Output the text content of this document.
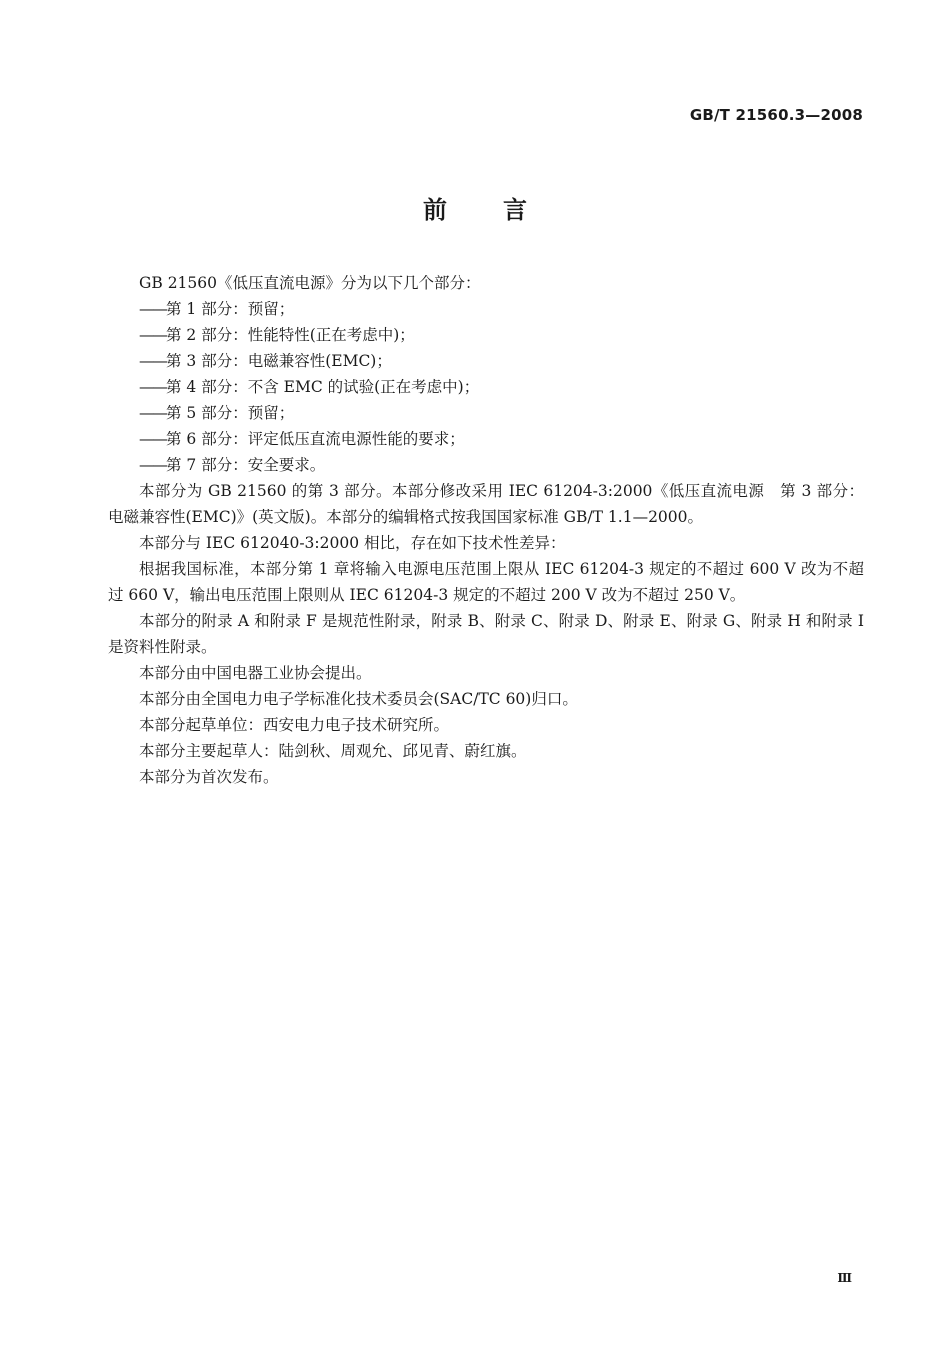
GB/T 21560.3—2008
前言

GB 21560《低压直流电源》分为以下几个部分：

——第 1 部分：预留；
——第 2 部分：性能特性(正在考虑中)；
——第 3 部分：电磁兼容性(EMC)；
——第 4 部分：不含 EMC 的试验(正在考虑中)；
——第 5 部分：预留；
——第 6 部分：评定低压直流电源性能的要求；
——第 7 部分：安全要求。

本部分为 GB 21560 的第 3 部分。本部分修改采用 IEC 61204-3:2000《低压直流电源　第 3 部分：电磁兼容性(EMC)》(英文版)。本部分的编辑格式按我国国家标准 GB/T 1.1—2000。

本部分与 IEC 612040-3:2000 相比，存在如下技术性差异：

根据我国标准，本部分第 1 章将输入电源电压范围上限从 IEC 61204-3 规定的不超过 600 V 改为不超过 660 V，输出电压范围上限则从 IEC 61204-3 规定的不超过 200 V 改为不超过 250 V。

本部分的附录 A 和附录 F 是规范性附录，附录 B、附录 C、附录 D、附录 E、附录 G、附录 H 和附录 I 是资料性附录。

本部分由中国电器工业协会提出。

本部分由全国电力电子学标准化技术委员会(SAC/TC 60)归口。

本部分起草单位：西安电力电子技术研究所。

本部分主要起草人：陆剑秋、周观允、邱见青、蔚红旗。

本部分为首次发布。

Ⅲ
